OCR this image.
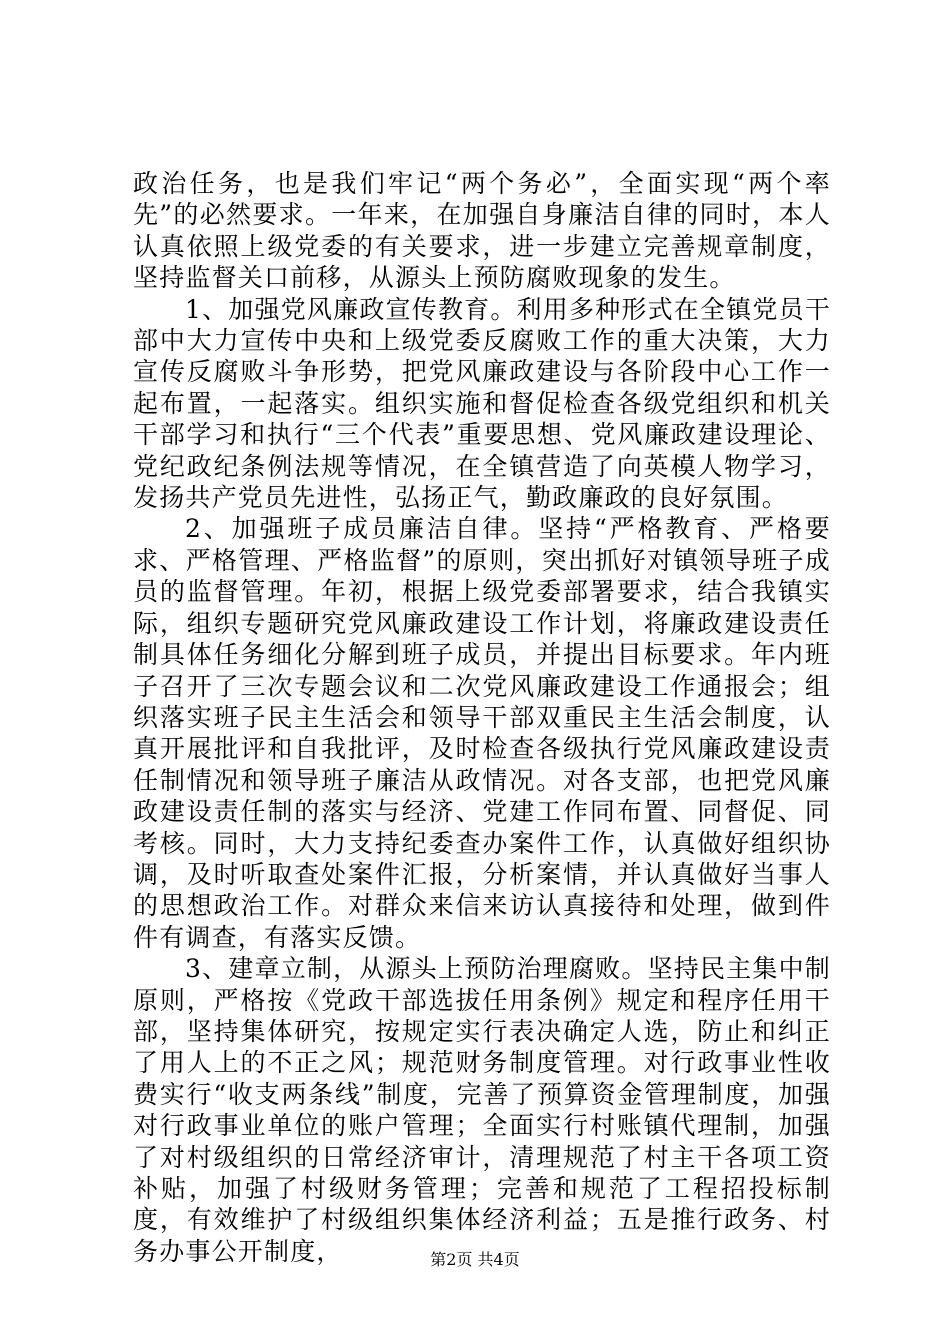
政治任务，也是我们牢记“两个务必”，全面实现“两个率先”的必然要求。一年来，在加强自身廉洁自律的同时，本人认真依照上级党委的有关要求，进一步建立完善规章制度，坚持监督关口前移，从源头上预防腐败现象的发生。

1、加强党风廉政宣传教育。利用多种形式在全镇党员干部中大力宣传中央和上级党委反腐败工作的重大决策，大力宣传反腐败斗争形势，把党风廉政建设与各阶段中心工作一起布置，一起落实。组织实施和督促检查各级党组织和机关干部学习和执行“三个代表”重要思想、党风廉政建设理论、党纪政纪条例法规等情况，在全镇营造了向英模人物学习，发扬共产党员先进性，弘扬正气，勤政廉政的良好氛围。

2、加强班子成员廉洁自律。坚持“严格教育、严格要求、严格管理、严格监督”的原则，突出抓好对镇领导班子成员的监督管理。年初，根据上级党委部署要求，结合我镇实际，组织专题研究党风廉政建设工作计划，将廉政建设责任制具体任务细化分解到班子成员，并提出目标要求。年内班子召开了三次专题会议和二次党风廉政建设工作通报会；组织落实班子民主生活会和领导干部双重民主生活会制度，认真开展批评和自我批评，及时检查各级执行党风廉政建设责任制情况和领导班子廉洁从政情况。对各支部，也把党风廉政建设责任制的落实与经济、党建工作同布置、同督促、同考核。同时，大力支持纪委查办案件工作，认真做好组织协调，及时听取查处案件汇报，分析案情，并认真做好当事人的思想政治工作。对群众来信来访认真接待和处理，做到件件有调查，有落实反馈。

3、建章立制，从源头上预防治理腐败。坚持民主集中制原则，严格按《党政干部选拔任用条例》规定和程序任用干部，坚持集体研究，按规定实行表决确定人选，防止和纠正了用人上的不正之风；规范财务制度管理。对行政事业性收费实行“收支两条线”制度，完善了预算资金管理制度，加强对行政事业单位的账户管理；全面实行村账镇代理制，加强了对村级组织的日常经济审计，清理规范了村主干各项工资补贴，加强了村级财务管理；完善和规范了工程招投标制度，有效维护了村级组织集体经济利益；五是推行政务、村务办事公开制度，	第2页 共4页
